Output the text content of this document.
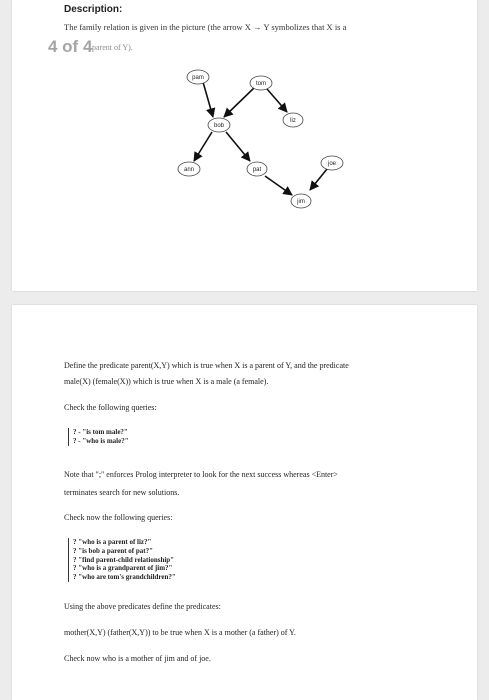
Description:
The family relation is given in the picture (the arrow X → Y symbolizes that X is a
4 of 4 parent of Y).
pam
tom
bob
liz
ann	pat
joe
jim
Define the predicate parent(X,Y) which is true when X is a parent of Y, and the predicate
male(X) (female(X)) which is true when X is a male (a female).
Check the following queries:
? - "is tom male?"
? - "who is male?"
Note that ";" enforces Prolog interpreter to look for the next success whereas <Enter>
terminates search for new solutions.
Check now the following queries:
? "who is a parent of liz?"
? "is bob a parent of pat?"
? "find parent-child relationship"
? "who is a grandparent of jim?"
? "who are tom's grandchildren?"
Using the above predicates define the predicates:
mother(X,Y) (father(X,Y)) to be true when X is a mother (a father) of Y.
Check now who is a mother of jim and of joe.
